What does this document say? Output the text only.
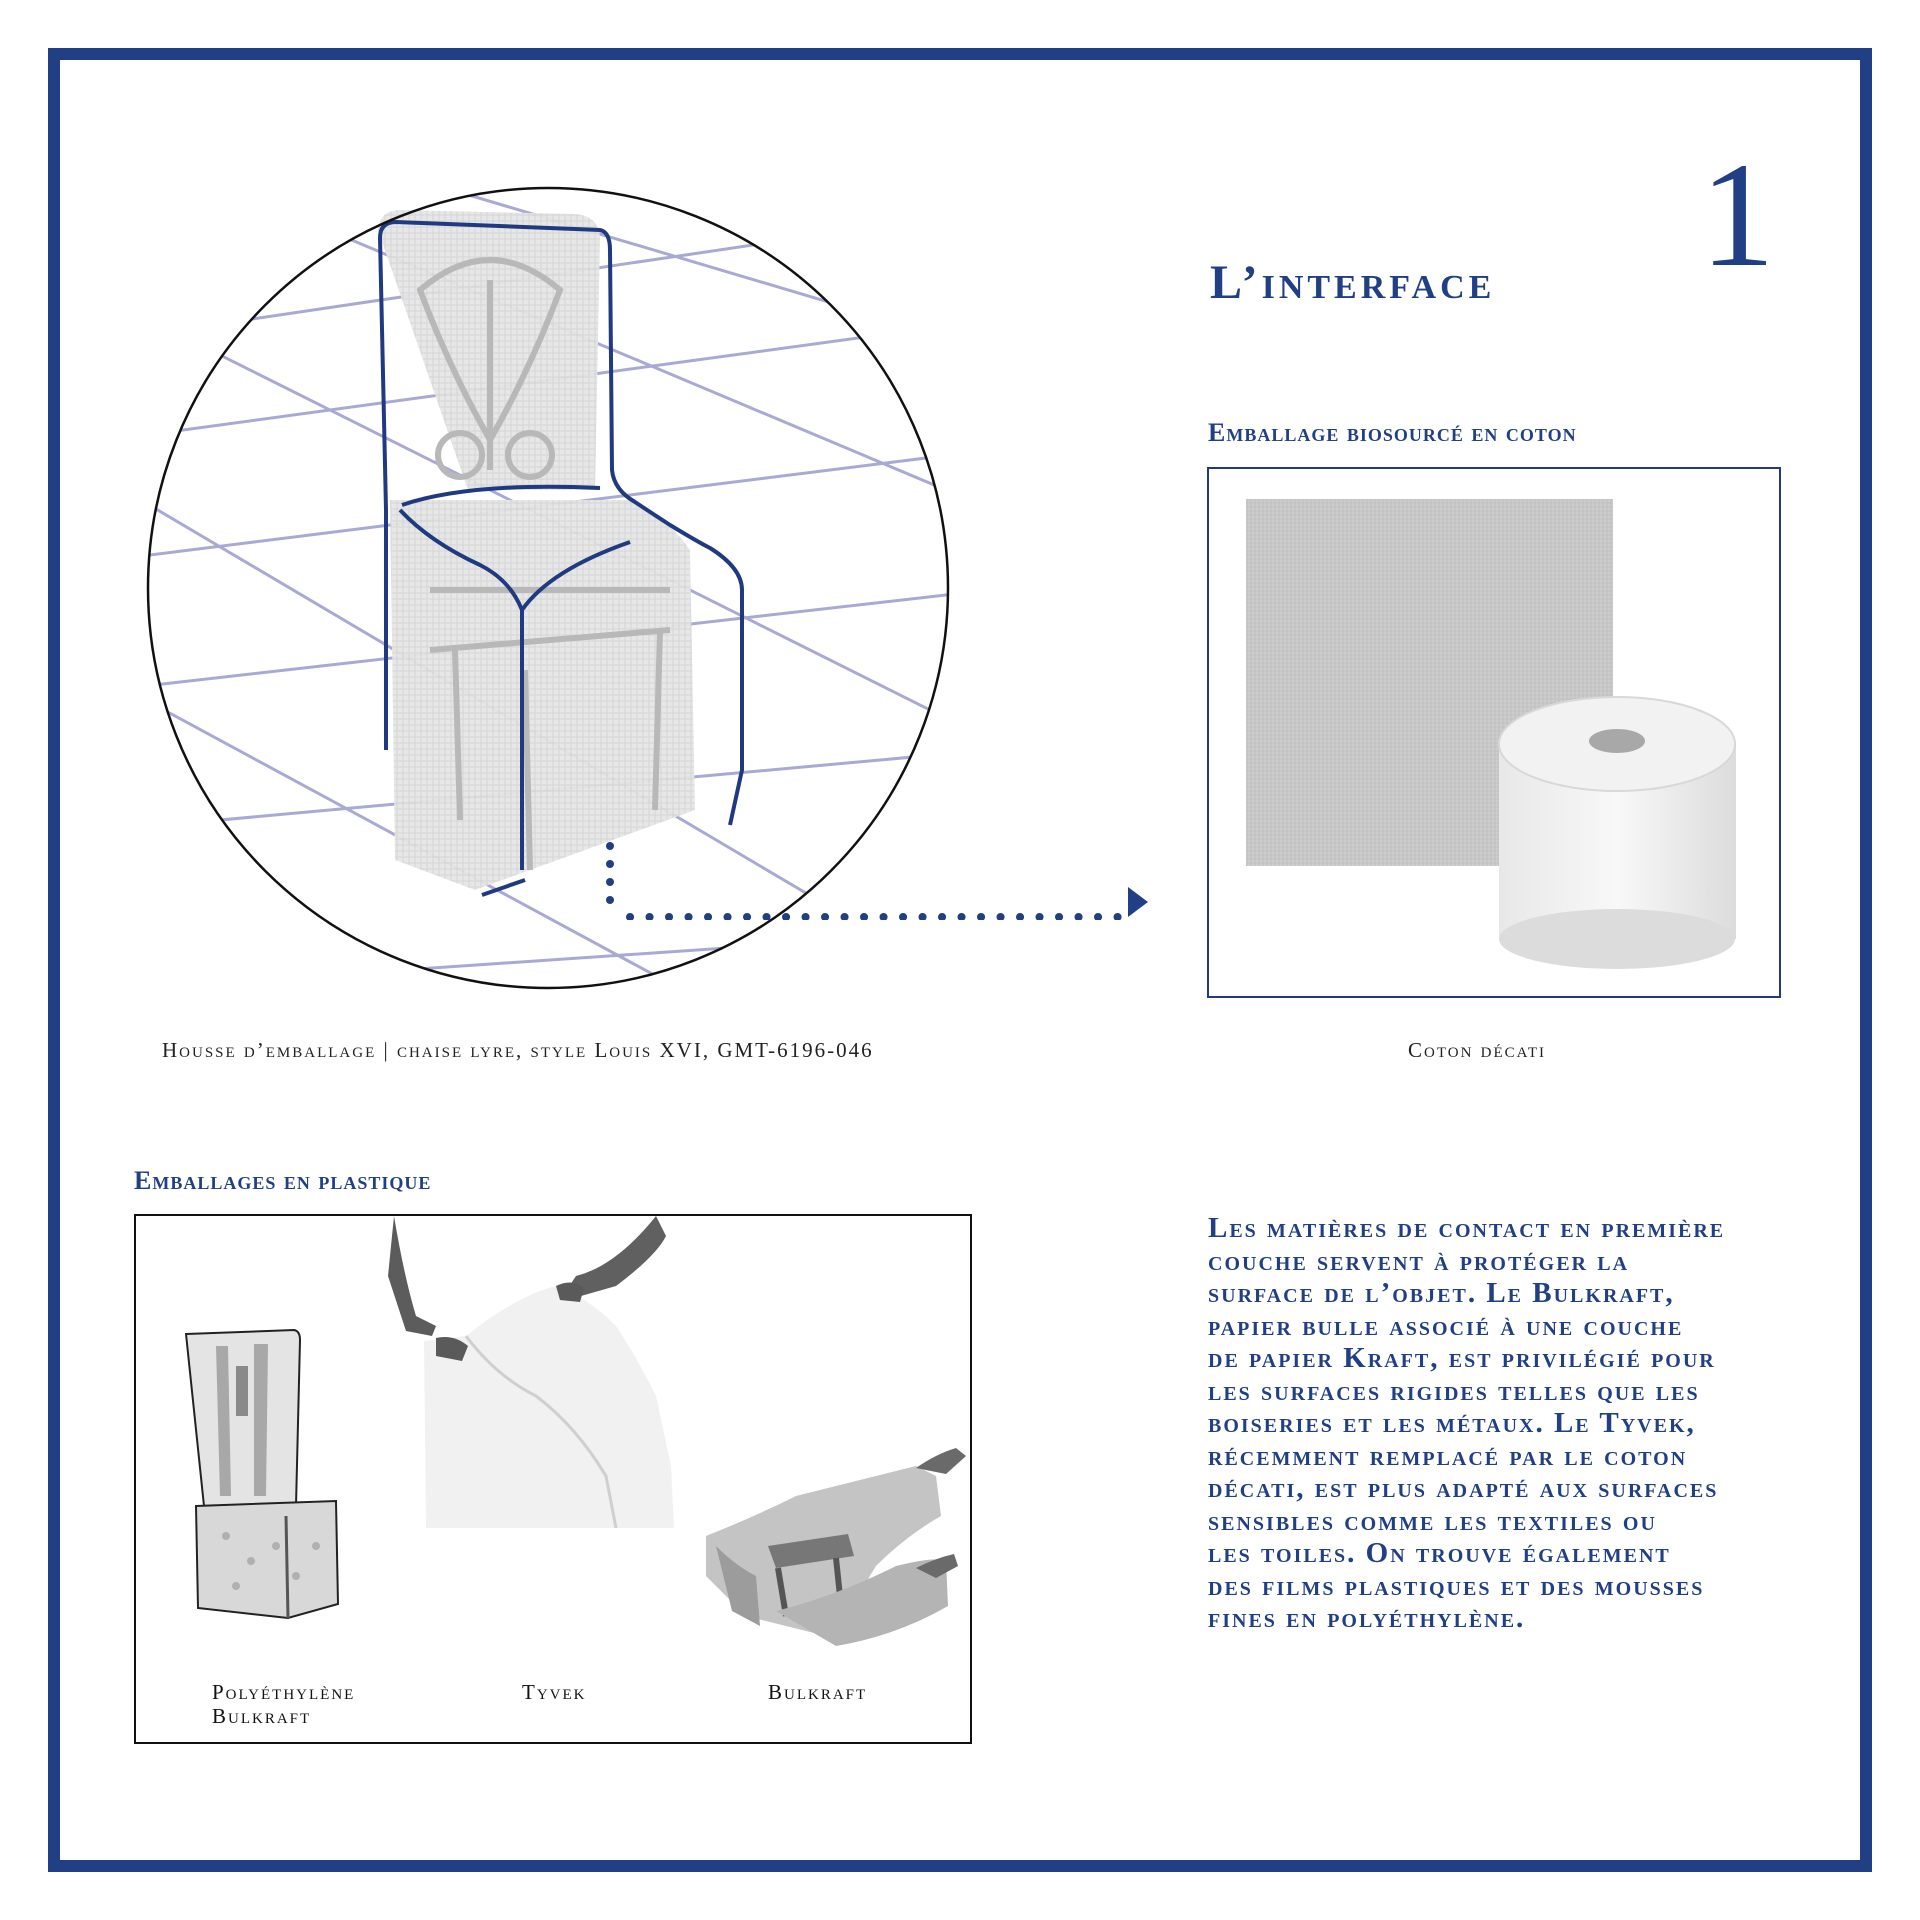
L’interface 1
Housse d’emballage | chaise lyre, style Louis XVI, GMT-6196-046
Emballage biosourcé en coton
Coton décati
Emballages en plastique
Polyéthylène
Bulkraft
Tyvek	Bulkraft
Les matières de contact en première
couche servent à protéger la
surface de l’objet. Le Bulkraft,
papier bulle associé à une couche
de papier Kraft, est privilégié pour
les surfaces rigides telles que les
boiseries et les métaux. Le Tyvek,
récemment remplacé par le coton
décati, est plus adapté aux surfaces
sensibles comme les textiles ou
les toiles. On trouve également
des films plastiques et des mousses
fines en polyéthylène.
